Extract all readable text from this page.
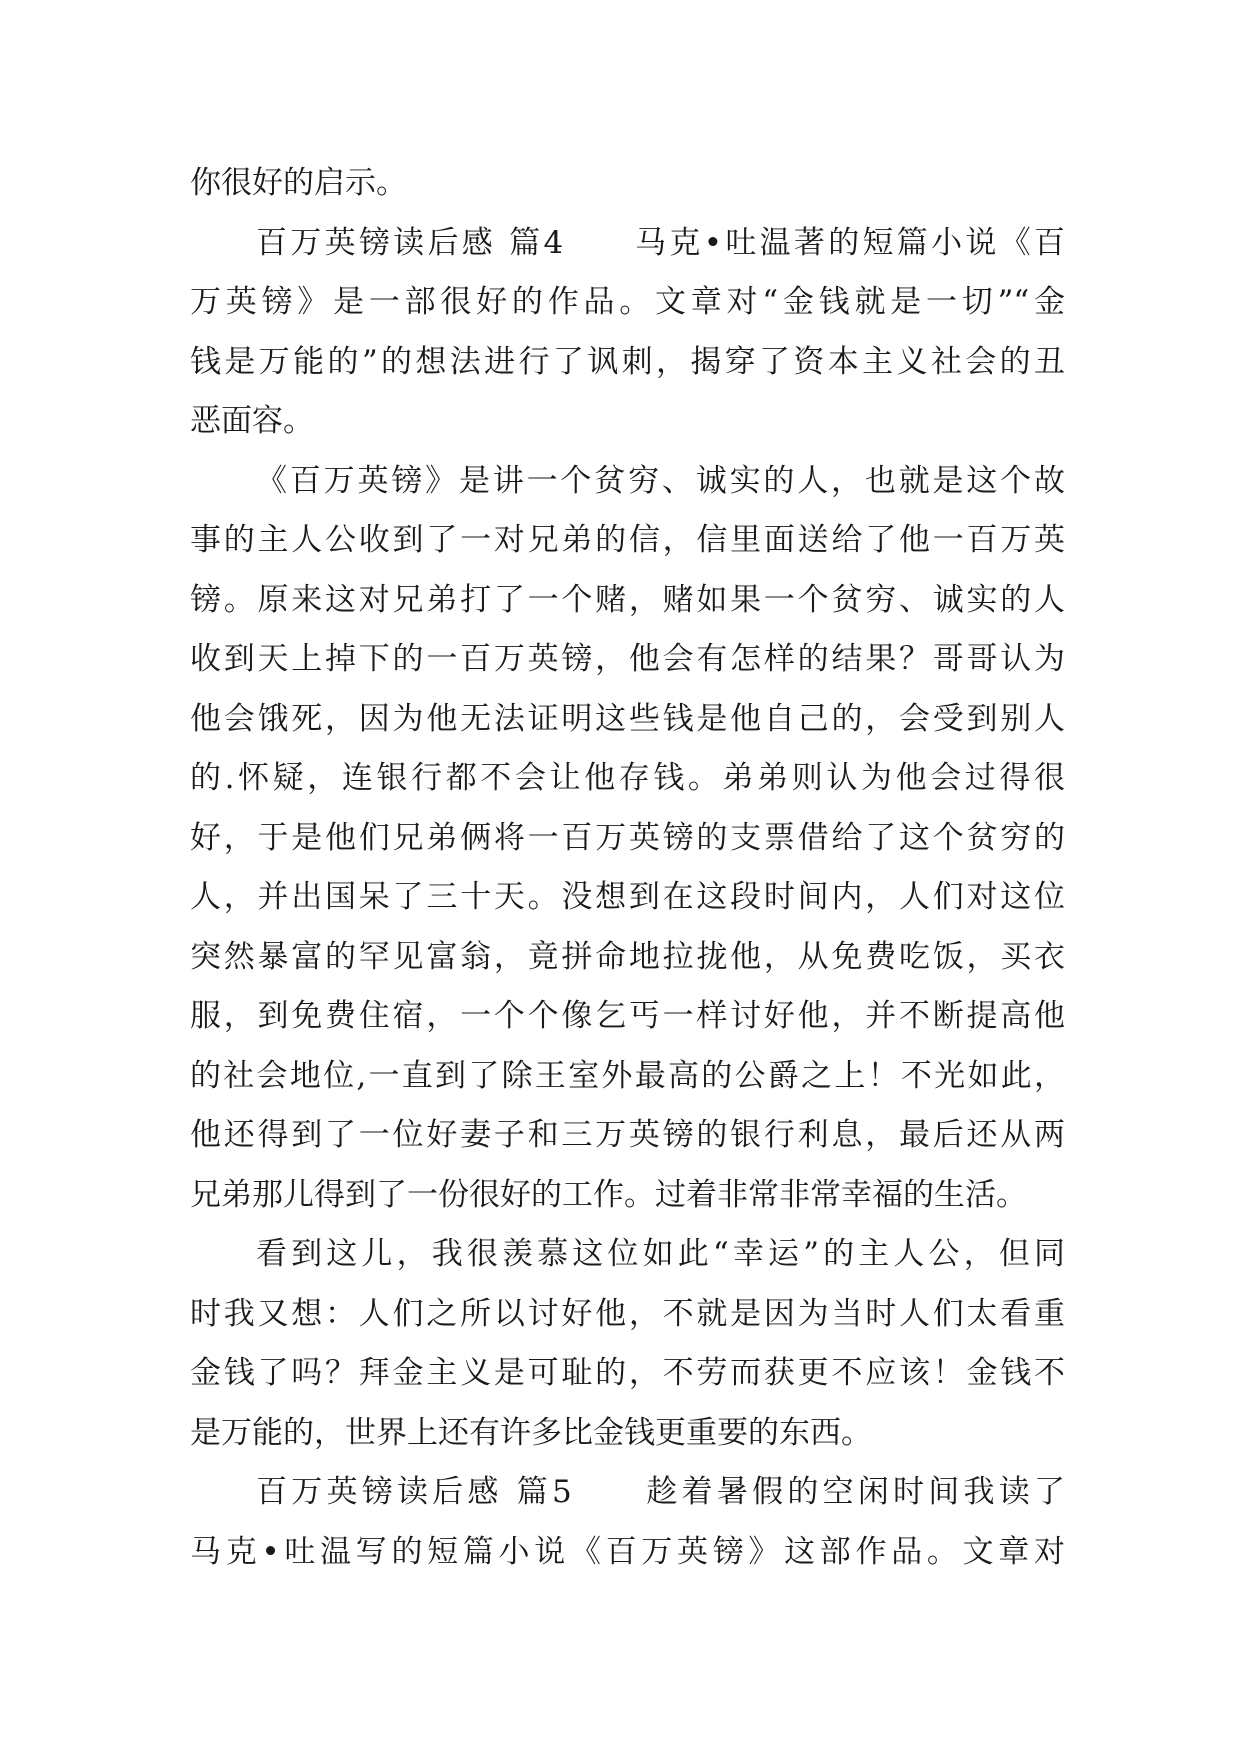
你很好的启示。
百万英镑读后感 篇4　　马克•吐温著的短篇小说《百
万英镑》是一部很好的作品。文章对“金钱就是一切”“金
钱是万能的”的想法进行了讽刺，揭穿了资本主义社会的丑
恶面容。
《百万英镑》是讲一个贫穷、诚实的人，也就是这个故
事的主人公收到了一对兄弟的信，信里面送给了他一百万英
镑。原来这对兄弟打了一个赌，赌如果一个贫穷、诚实的人
收到天上掉下的一百万英镑，他会有怎样的结果？哥哥认为
他会饿死，因为他无法证明这些钱是他自己的，会受到别人
的.怀疑，连银行都不会让他存钱。弟弟则认为他会过得很
好，于是他们兄弟俩将一百万英镑的支票借给了这个贫穷的
人，并出国呆了三十天。没想到在这段时间内，人们对这位
突然暴富的罕见富翁，竟拼命地拉拢他，从免费吃饭，买衣
服，到免费住宿，一个个像乞丐一样讨好他，并不断提高他
的社会地位,一直到了除王室外最高的公爵之上！不光如此，
他还得到了一位好妻子和三万英镑的银行利息，最后还从两
兄弟那儿得到了一份很好的工作。过着非常非常幸福的生活。
看到这儿，我很羡慕这位如此“幸运”的主人公，但同
时我又想：人们之所以讨好他，不就是因为当时人们太看重
金钱了吗？拜金主义是可耻的，不劳而获更不应该！金钱不
是万能的，世界上还有许多比金钱更重要的东西。
百万英镑读后感 篇5　　趁着暑假的空闲时间我读了
马克•吐温写的短篇小说《百万英镑》这部作品。文章对
